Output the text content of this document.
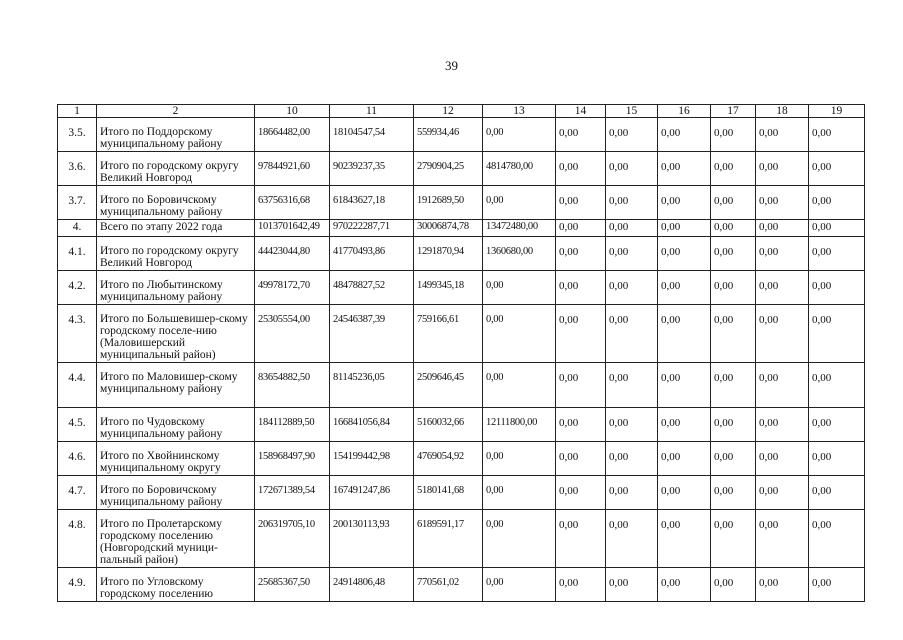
39
1	2	10	11	12	13	14	15	16	17	18	19
3.5.	Итого по Поддорскому муниципальному району	18664482,00	18104547,54	559934,46	0,00	0,00	0,00	0,00	0,00	0,00	0,00
3.6.	Итого по городскому округу Великий Новгород	97844921,60	90239237,35	2790904,25	4814780,00	0,00	0,00	0,00	0,00	0,00	0,00
3.7.	Итого по Боровичскому муниципальному району	63756316,68	61843627,18	1912689,50	0,00	0,00	0,00	0,00	0,00	0,00	0,00
4.	Всего по этапу 2022 года	1013701642,49	970222287,71	30006874,78	13472480,00	0,00	0,00	0,00	0,00	0,00	0,00
4.1.	Итого по городскому округу Великий Новгород	44423044,80	41770493,86	1291870,94	1360680,00	0,00	0,00	0,00	0,00	0,00	0,00
4.2.	Итого по Любытинскому муниципальному району	49978172,70	48478827,52	1499345,18	0,00	0,00	0,00	0,00	0,00	0,00	0,00
4.3.	Итого по Большевишер-скому городскому поселе-нию (Маловишерский муниципальный район)	25305554,00	24546387,39	759166,61	0,00	0,00	0,00	0,00	0,00	0,00	0,00
4.4.	Итого по Маловишер-скому муниципальному району	83654882,50	81145236,05	2509646,45	0,00	0,00	0,00	0,00	0,00	0,00	0,00
4.5.	Итого по Чудовскому муниципальному району	184112889,50	166841056,84	5160032,66	12111800,00	0,00	0,00	0,00	0,00	0,00	0,00
4.6.	Итого по Хвойнинскому муниципальному округу	158968497,90	154199442,98	4769054,92	0,00	0,00	0,00	0,00	0,00	0,00	0,00
4.7.	Итого по Боровичскому муниципальному району	172671389,54	167491247,86	5180141,68	0,00	0,00	0,00	0,00	0,00	0,00	0,00
4.8.	Итого по Пролетарскому городскому поселению (Новгородский муници-пальный район)	206319705,10	200130113,93	6189591,17	0,00	0,00	0,00	0,00	0,00	0,00	0,00
4.9.	Итого по Угловскому городскому поселению	25685367,50	24914806,48	770561,02	0,00	0,00	0,00	0,00	0,00	0,00	0,00
